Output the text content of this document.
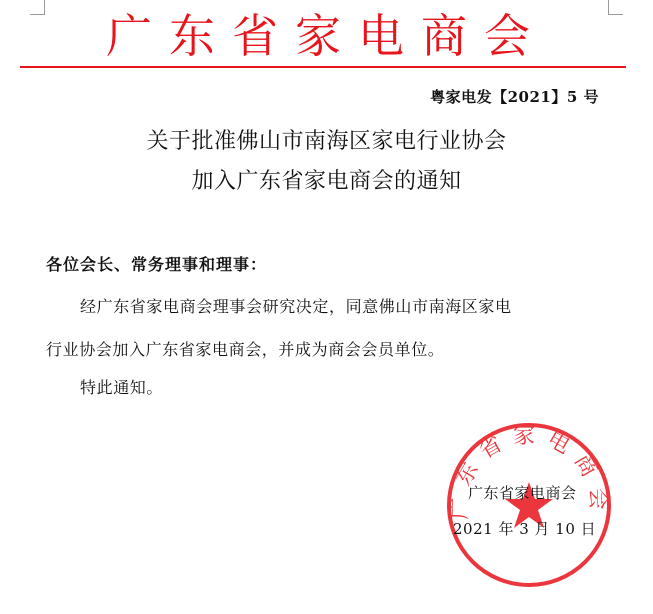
广东省家电商会
粤家电发【2021】5 号
关于批准佛山市南海区家电行业协会
加入广东省家电商会的通知
各位会长、常务理事和理事：
经广东省家电商会理事会研究决定，同意佛山市南海区家电
行业协会加入广东省家电商会，并成为商会会员单位。
特此通知。
广东省家电商会
广东省家电商会
2021 年 3 月 10 日
